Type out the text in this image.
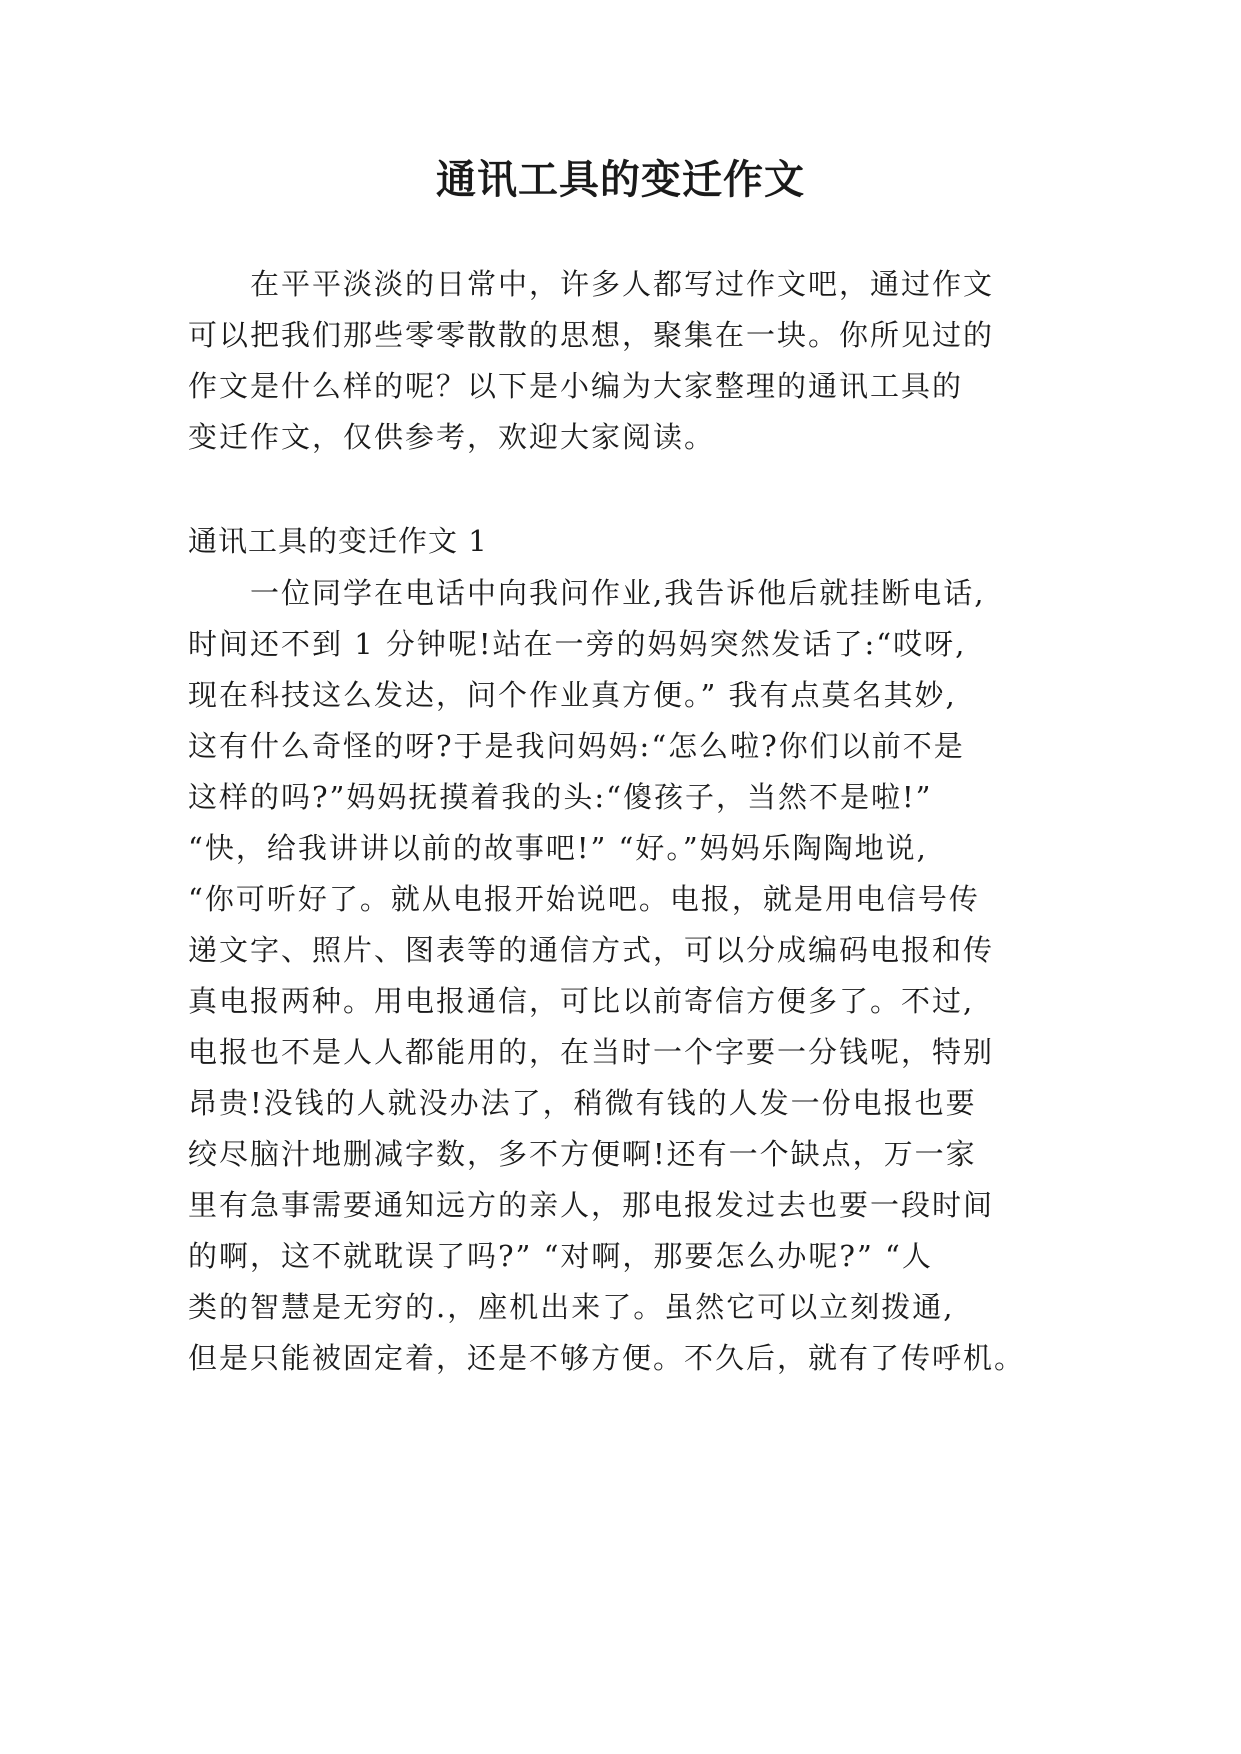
通讯工具的变迁作文
　　在平平淡淡的日常中，许多人都写过作文吧，通过作文
可以把我们那些零零散散的思想，聚集在一块。你所见过的
作文是什么样的呢？以下是小编为大家整理的通讯工具的
变迁作文，仅供参考，欢迎大家阅读。
通讯工具的变迁作文 1
　　一位同学在电话中向我问作业,我告诉他后就挂断电话,
时间还不到 1 分钟呢!站在一旁的妈妈突然发话了:“哎呀,
现在科技这么发达，问个作业真方便。” 我有点莫名其妙,
这有什么奇怪的呀?于是我问妈妈:“怎么啦?你们以前不是
这样的吗?”妈妈抚摸着我的头:“傻孩子，当然不是啦!”
“快，给我讲讲以前的故事吧!” “好。”妈妈乐陶陶地说,
“你可听好了。就从电报开始说吧。电报，就是用电信号传
递文字、照片、图表等的通信方式，可以分成编码电报和传
真电报两种。用电报通信，可比以前寄信方便多了。不过,
电报也不是人人都能用的，在当时一个字要一分钱呢，特别
昂贵!没钱的人就没办法了，稍微有钱的人发一份电报也要
绞尽脑汁地删减字数，多不方便啊!还有一个缺点，万一家
里有急事需要通知远方的亲人，那电报发过去也要一段时间
的啊，这不就耽误了吗?” “对啊，那要怎么办呢?” “人
类的智慧是无穷的.，座机出来了。虽然它可以立刻拨通,
但是只能被固定着，还是不够方便。不久后，就有了传呼机。
